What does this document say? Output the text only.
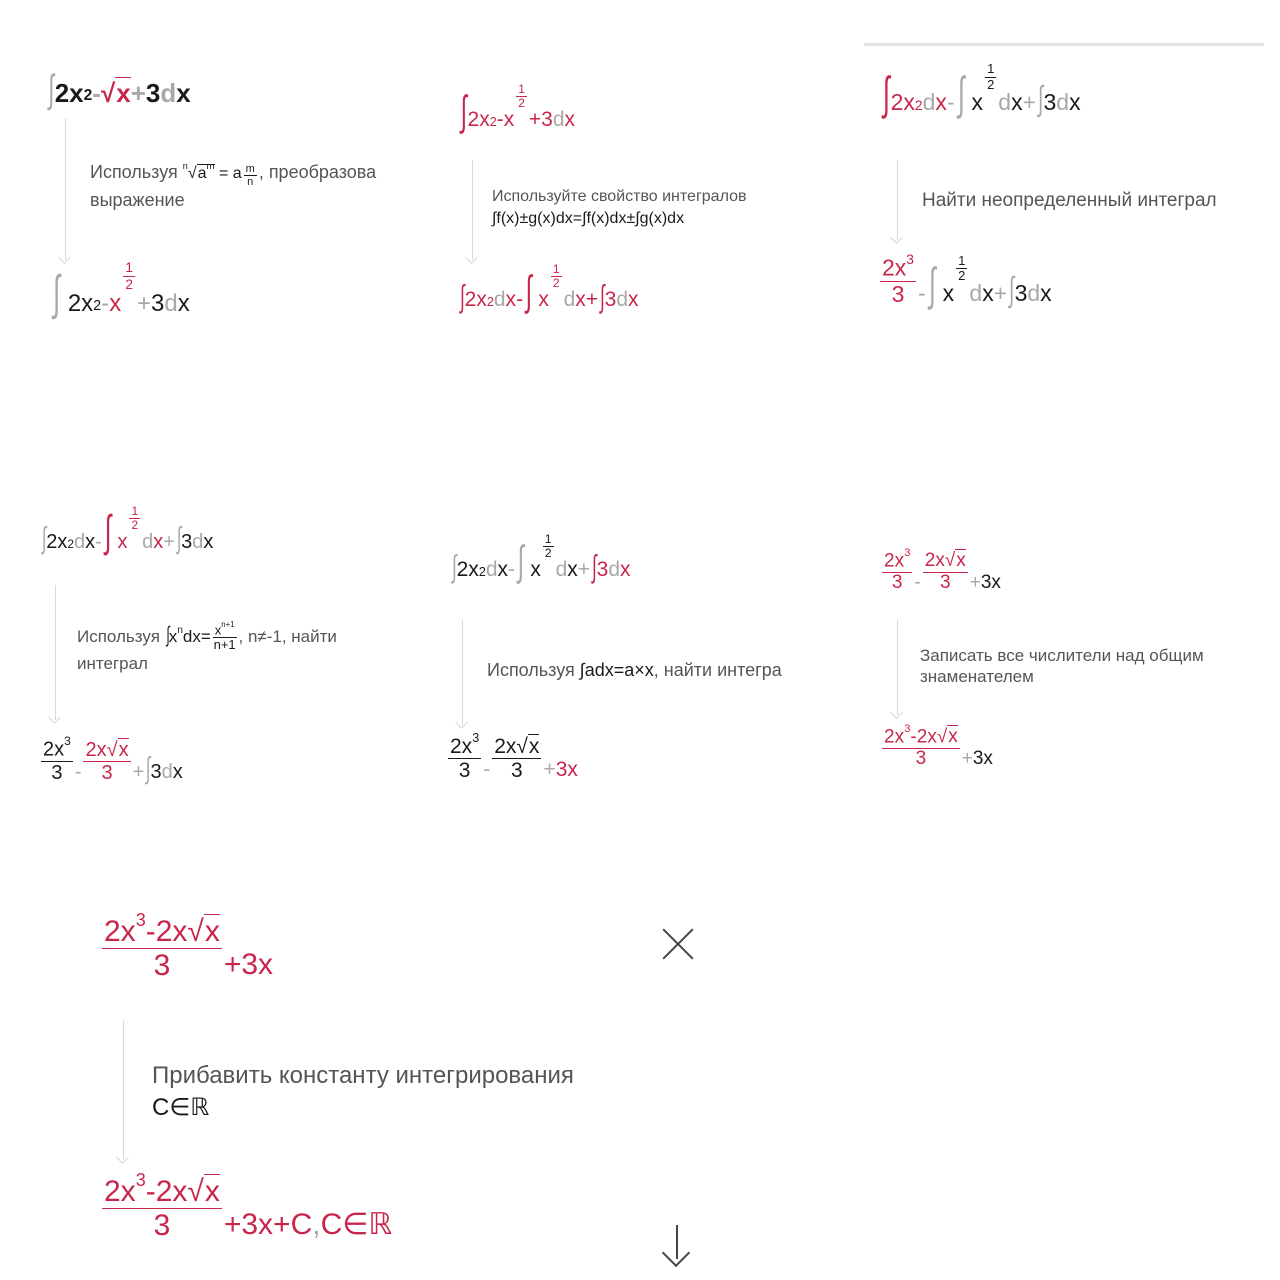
∫ 2x 2 - √x + 3 d x
Используя $^n√a^m = a \frac{m}{n}$ , преобразова
выражение
∫ 2x 2 - x
$\frac{1}{2}$
+ 3 d x
∫ 2x 2 -x
$\frac{1}{2}$
+3 d x
Используйте свойство интегралов
∫f(x)±g(x)dx=∫f(x)dx±∫g(x)dx
∫ 2x 2 d x- ∫ x
$\frac{1}{2}$
d x+ ∫ 3 d x
∫ 2x 2 d x - ∫ x
$\frac{1}{2}$
d x + ∫ 3 d x
Найти неопределенный интеграл
$\frac{2x^3}{3}$ - ∫ x
$\frac{1}{2}$
d x + ∫ 3 d x
∫ 2x 2 d x - ∫ x
$\frac{1}{2}$
d x + ∫ 3 d x
Используя $\int x^ndx= \frac{x^{n+1}}{n+1}$ , n≠-1, найти
интеграл
$\frac{2x^3}{3} - \frac{2x√x}{3}$ + ∫ 3 d x
∫ 2x 2 d x - ∫ x
$\frac{1}{2}$
d x + ∫ 3 d x
Используя ∫adx=a×x, найти интегра
$\frac{2x^3}{3} - \frac{2x√x}{3} + 3x$
$\frac{2x^3}{3} - \frac{2x√x}{3} + 3x$
Записать все числители над общим
знаменателем
$\frac{2x^3-2x√x}{3} + 3x$
$\frac{2x^3-2x√x}{3} +3x$
Прибавить константу интегрирования
C∈ℝ
$\frac{2x^3-2x√x}{3} +3x+C$ , C∈ℝ
